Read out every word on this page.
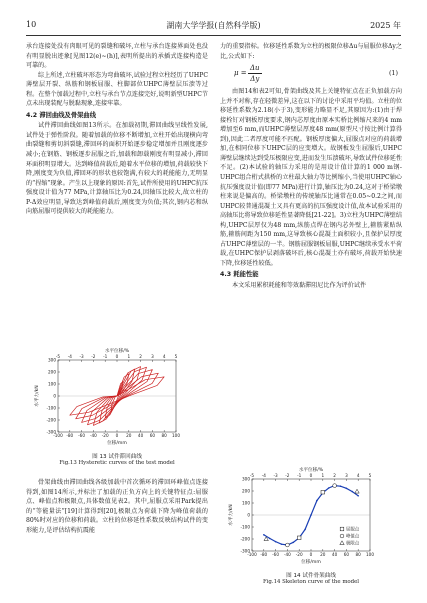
10	湖南大学学报(自然科学版)	2025 年

承台连接处没有肉眼可见的裂缝和破坏,立柱与承台连接界面处也没有明显脱出迹象[见图12(e)~(h)],表明所提出的承插式连接构造是可靠的。

综上所述,立柱破坏形态为弯曲破坏,试验过程立柱经历了UHPC薄壁层开裂、纵筋和钢板屈服、柱脚部位UHPC薄壁层压溃等过程。在整个加载过程中,立柱与承台节点连接完好,说明新型UHPC节点未出现装配与脱黏现象,连接牢靠。

4.2 滞回曲线及骨架曲线

试件滞回曲线如图13所示。在加载初期,滞回曲线呈线性发展,试件处于弹性阶段。随着加载的位移不断增加,立柱开始出现横向弯曲裂缝和剪切斜裂缝,滞回环的面积开始逐步稳定增加并且刚度逐步减小;在钢筋、钢板逐步屈服之后,加载和卸载刚度有明显减小,滞回环面积明显增大。达到峰值荷载后,随着水平位移的增加,荷载较快下降,刚度变为负值,滞回环的形状也较饱满,有较大的耗能能力,无明显的“捏缩”现象。产生以上现象的原因:首先,试件所使用的UHPC抗压强度设计值为77 MPa,计算轴压比为0.24,因轴压比较大,故立柱的P-Δ效应明显,导致达到峰值荷载后,刚度变为负值;其次,钢内芯和纵向筋屈服可提供较大的耗能能力。

-100 -80 -60 -40 -20 0 20 40 60 80 100
-5 -4 -3 -2 -1 0 1 2 3 4 5
-300
-200
-100
0
100
200
300
水平位移/%
位移/mm
水平力/kN
图 13 试件滞回曲线
Fig.13 Hysteretic curves of the test model

骨架曲线由滞回曲线各级加载中首次循环的滞回环峰值点连接得到,如图14所示,并标注了加载的正负方向上的关键特征点:屈服点、峰值点和极限点,具体数值见表2。其中,屈服点采用Park提出的“等能量法”[19]计算得到[20],极限点为荷载下降为峰值荷载的80%时对应的位移和荷载。立柱的位移延性系数反映结构试件的变形能力,是评估结构抗震能

力的重要指标。位移延性系数为立柱的极限位移Δu与屈服位移Δy之比,公式如下:

$\mu = \frac{\Delta u}{\Delta y}$	(1)

由图14和表2可知,骨架曲线及其上关键特征点在正负加载方向上并不对称,存在轻微差异,这在以下的讨论中采用平均值。立柱的位移延性系数为2.18(小于3),变形能力略显不足,其原因为:(1)由于焊接栓钉对钢板厚度要求,钢内芯厚度由原本实桥比例缩尺来的4 mm增加至6 mm,而UHPC薄壁层厚度48 mm(原型尺寸按比例计算得到),因此二者厚度可能不匹配。钢板厚度偏大,屈服点对应的荷载增加,在相同位移下UHPC层的应变增大。故钢板发生屈服后,UHPC薄壁层继续达到受压极限应变,进而发生压溃破坏,导致试件位移延性不足。(2)本试验的轴压力采用的是用设计值计算的1 000 m钢-UHPC组合桁式拱桥的立柱最大轴力等比例缩小,当使用UHPC轴心抗压强度设计值(即77 MPa)进行计算,轴压比为0.24,这对于桥梁墩柱来说是偏高的。桥梁墩柱的传统轴压比通常在0.05~0.2之间,而UHPC较普通混凝土又具有更高的抗压强度设计值,故本试验采用的高轴压比将导致位移延性显著降低[21-22]。3)立柱为UHPC薄壁结构,UHPC层厚仅为48 mm,纵筋点焊在钢内芯外壁上,箍筋紧贴纵筋,箍筋间距为150 mm,这导致核心混凝土面积较小,且保护层厚度占UHPC薄壁层的一半。钢筋屈服钢板屈服,UHPC继续承受水平荷载,在UHPC保护层剥落破坏后,核心混凝土亦有破坏,荷载开始快速下降,位移延性较低。

4.3 耗能性能

本文采用累积耗能和等效黏滞阻尼比作为评价试件

-100 -80 -60 -40 -20 0 20 40 60 80 100
-5 -4 -3 -2 -1 0 1 2 3 4 5
-300
-200
-100
0
100
200
300
水平位移/%
位移/mm
水平力/kN
屈服点
峰值点
极限点
图 14 试件骨架曲线
Fig.14 Skeleton curve of the model
